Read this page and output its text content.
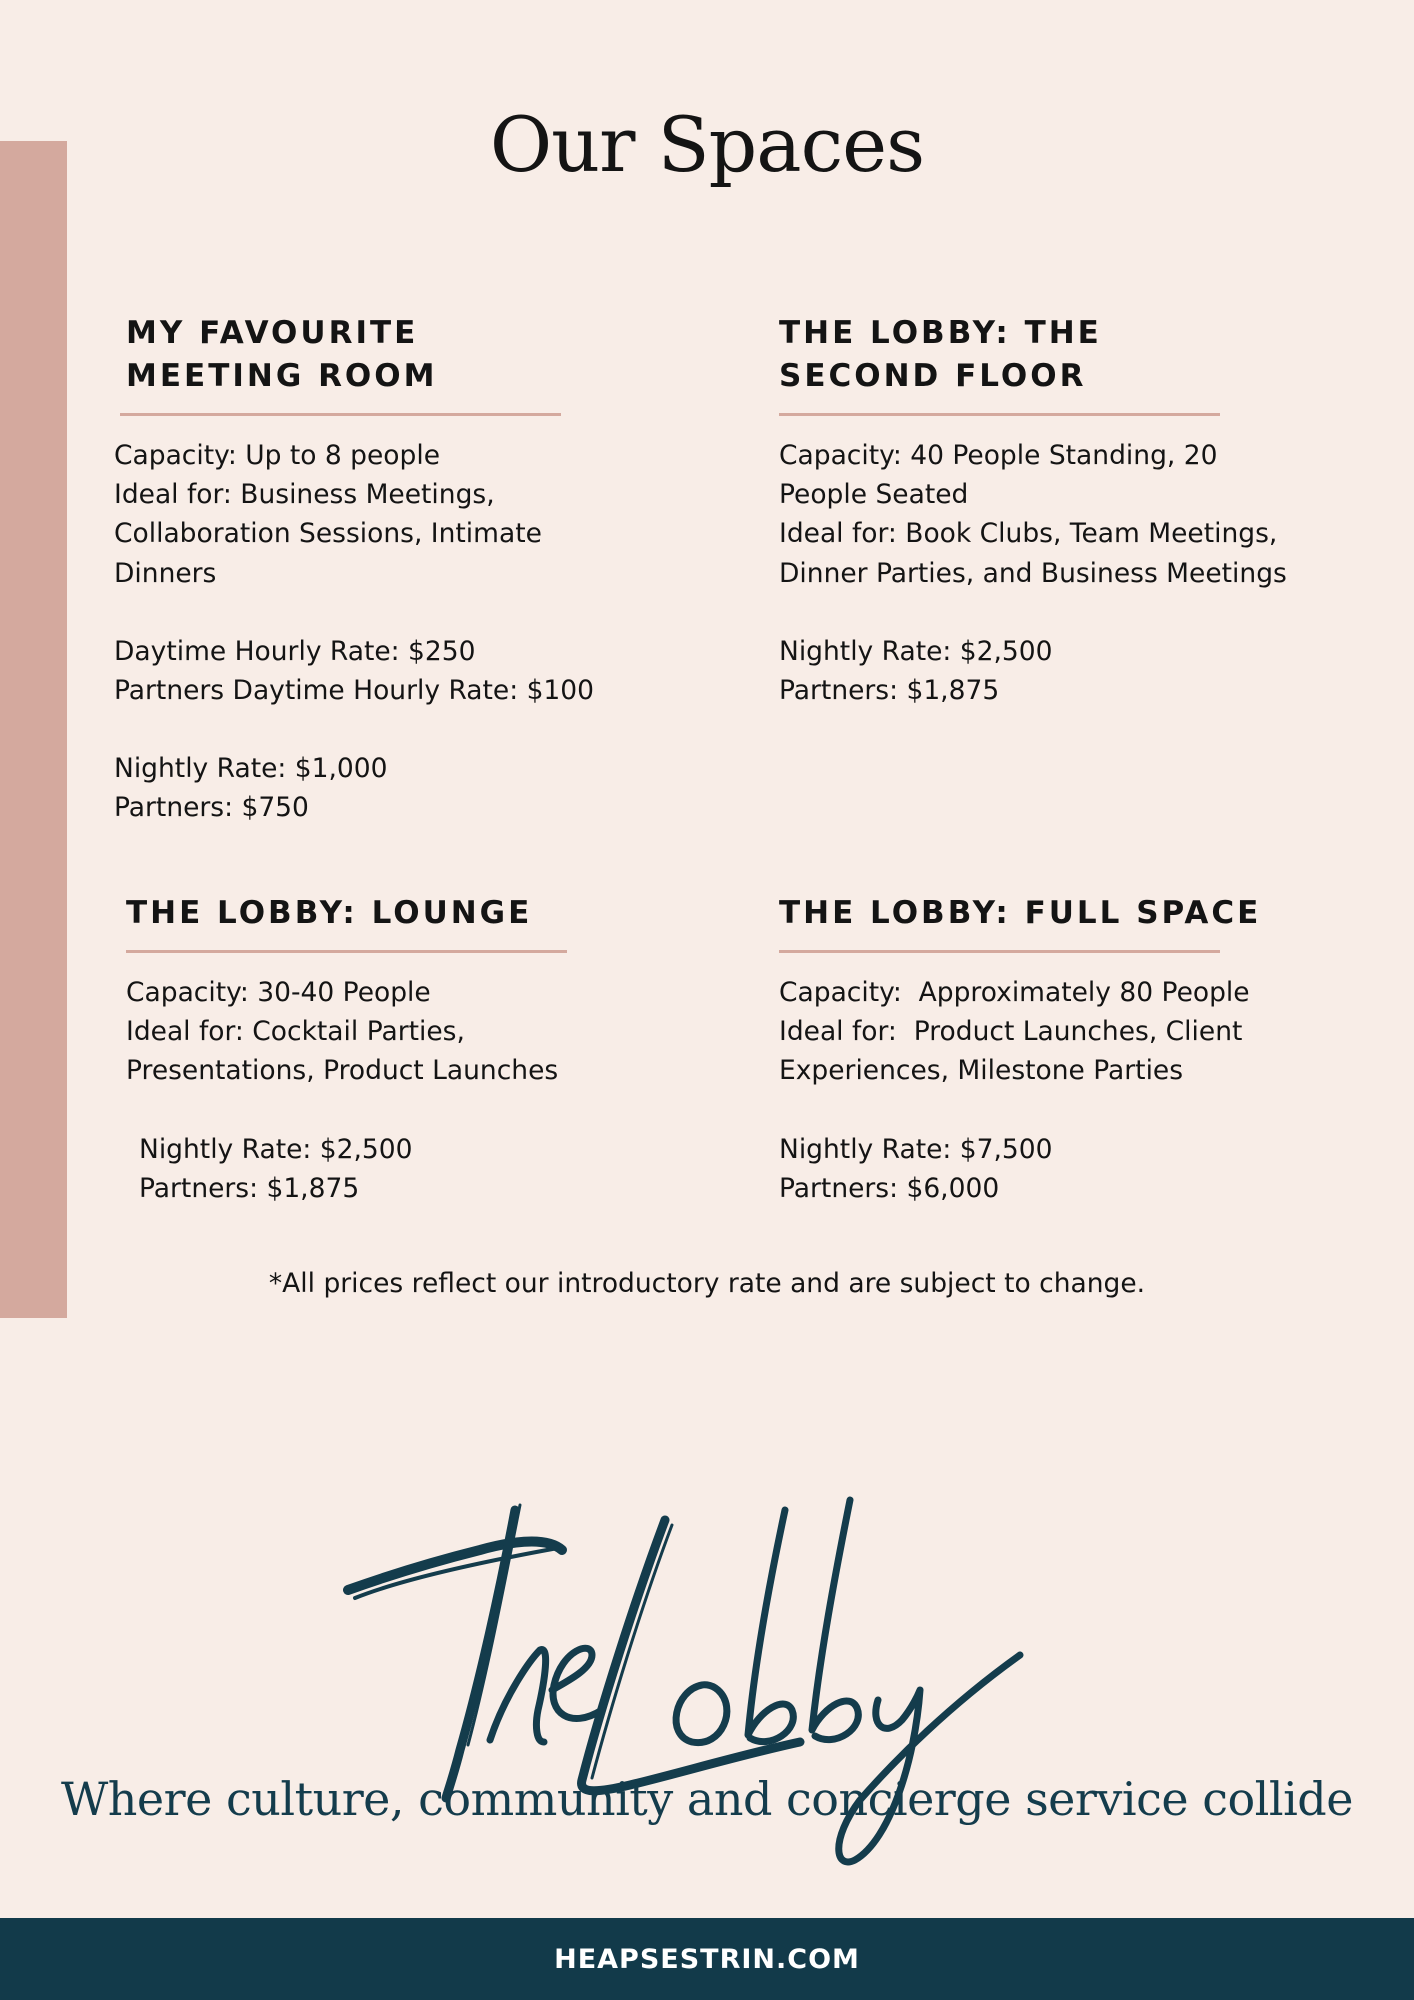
Our Spaces
MY FAVOURITE
MEETING ROOM
Capacity: Up to 8 people
Ideal for: Business Meetings,
Collaboration Sessions, Intimate
Dinners
Daytime Hourly Rate: $250
Partners Daytime Hourly Rate: $100
Nightly Rate: $1,000
Partners: $750
THE LOBBY: THE
SECOND FLOOR
Capacity: 40 People Standing, 20
People Seated
Ideal for: Book Clubs, Team Meetings,
Dinner Parties, and Business Meetings
Nightly Rate: $2,500
Partners: $1,875
THE LOBBY: LOUNGE
Capacity: 30-40 People
Ideal for: Cocktail Parties,
Presentations, Product Launches
Nightly Rate: $2,500
Partners: $1,875
THE LOBBY: FULL SPACE
Capacity:  Approximately 80 People
Ideal for:  Product Launches, Client
Experiences, Milestone Parties
Nightly Rate: $7,500
Partners: $6,000
*All prices reflect our introductory rate and are subject to change.
Where culture, community and concierge service collide
HEAPSESTRIN.COM
